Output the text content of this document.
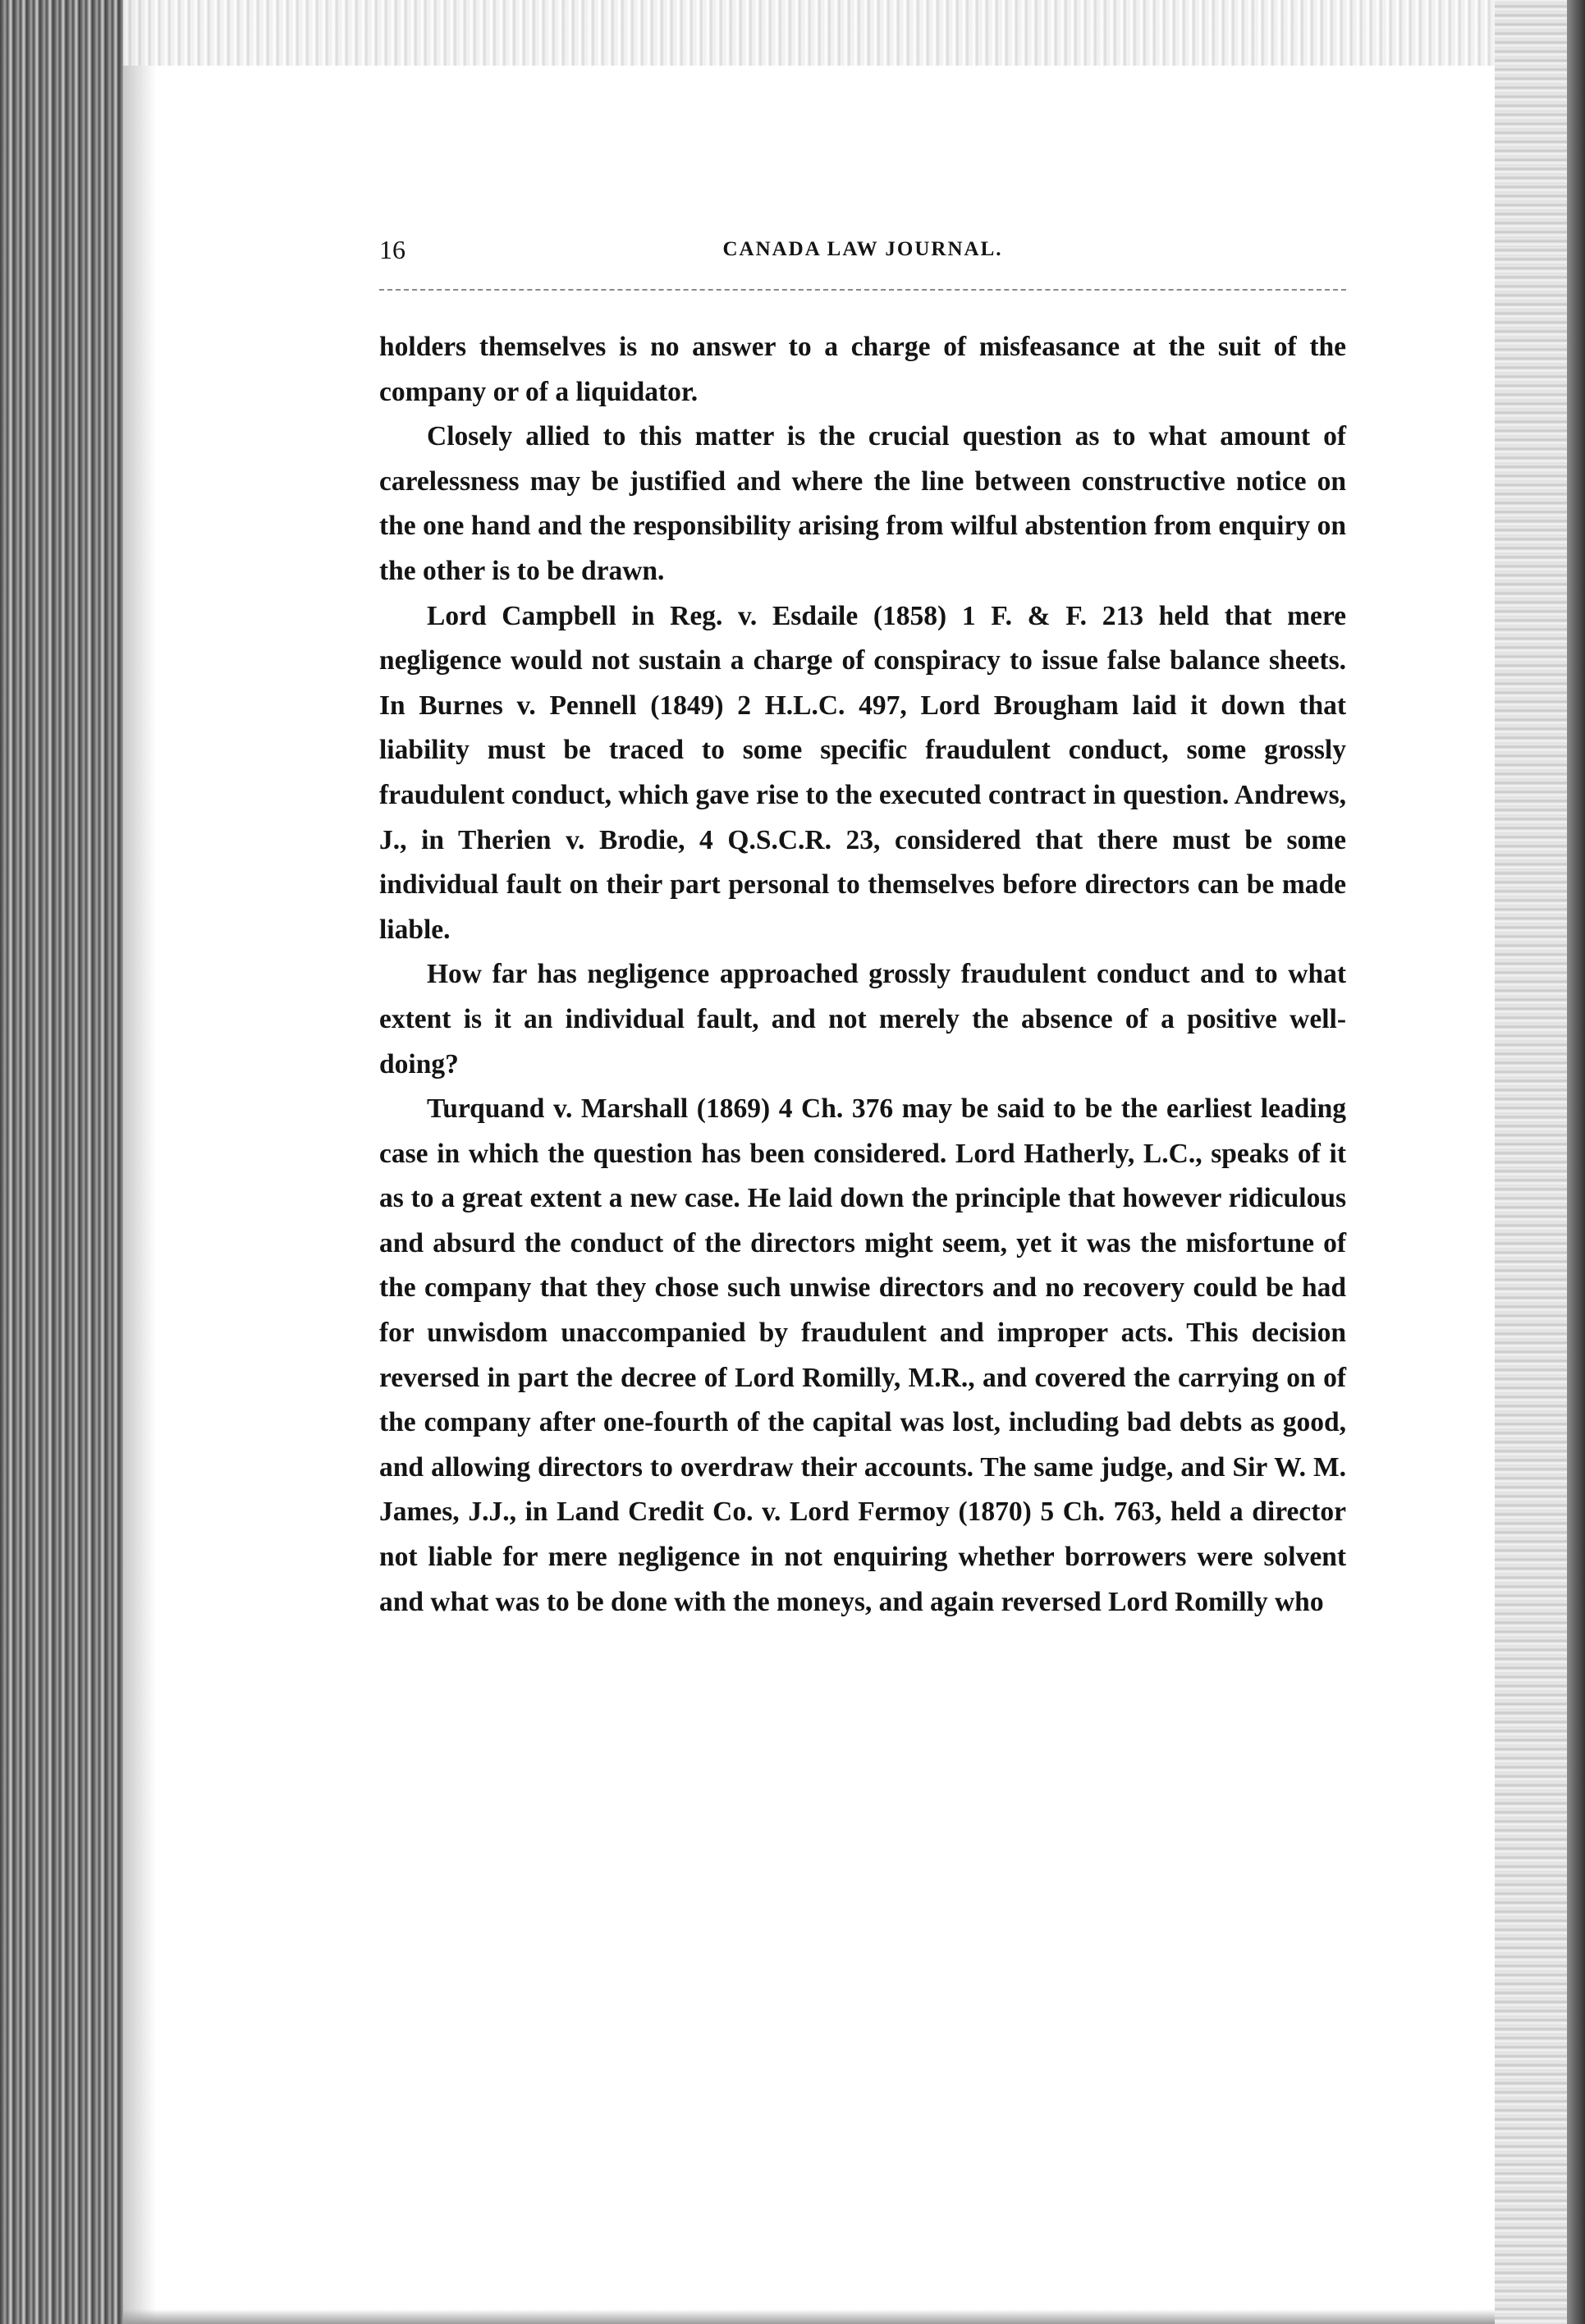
16	CANADA LAW JOURNAL.

holders themselves is no answer to a charge of misfeasance at the suit of the company or of a liquidator.

Closely allied to this matter is the crucial question as to what amount of carelessness may be justified and where the line between constructive notice on the one hand and the responsibility arising from wilful abstention from enquiry on the other is to be drawn.

Lord Campbell in Reg. v. Esdaile (1858) 1 F. & F. 213 held that mere negligence would not sustain a charge of conspiracy to issue false balance sheets. In Burnes v. Pennell (1849) 2 H.L.C. 497, Lord Brougham laid it down that liability must be traced to some specific fraudulent conduct, some grossly fraudulent conduct, which gave rise to the executed contract in question. Andrews, J., in Therien v. Brodie, 4 Q.S.C.R. 23, considered that there must be some individual fault on their part personal to themselves before directors can be made liable.

How far has negligence approached grossly fraudulent conduct and to what extent is it an individual fault, and not merely the absence of a positive well-doing?

Turquand v. Marshall (1869) 4 Ch. 376 may be said to be the earliest leading case in which the question has been considered. Lord Hatherly, L.C., speaks of it as to a great extent a new case. He laid down the principle that however ridiculous and absurd the conduct of the directors might seem, yet it was the misfortune of the company that they chose such unwise directors and no recovery could be had for unwisdom unaccompanied by fraudulent and improper acts. This decision reversed in part the decree of Lord Romilly, M.R., and covered the carrying on of the company after one-fourth of the capital was lost, including bad debts as good, and allowing directors to overdraw their accounts. The same judge, and Sir W. M. James, J.J., in Land Credit Co. v. Lord Fermoy (1870) 5 Ch. 763, held a director not liable for mere negligence in not enquiring whether borrowers were solvent and what was to be done with the moneys, and again reversed Lord Romilly who
